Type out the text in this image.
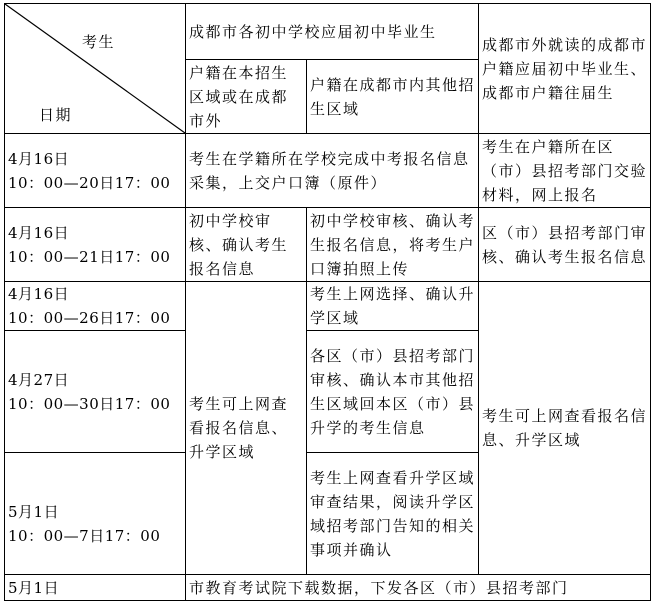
考生
日期	成都市各初中学校应届初中毕业生		成都市外就读的成都市户籍应届初中毕业生、成都市户籍往届生
	户籍在本招生区域或在成都市外	户籍在成都市内其他招生区域	

4月16日
10：00—20日17：00	考生在学籍所在学校完成中考报名信息采集，上交户口簿（原件）		考生在户籍所在区（市）县招考部门交验材料，网上报名

4月16日
10：00—21日17：00	初中学校审核、确认考生报名信息	初中学校审核、确认考生报名信息，将考生户口簿拍照上传	区（市）县招考部门审核、确认考生报名信息

4月16日
10：00—26日17：00	考生可上网查看报名信息、升学区域	考生上网选择、确认升学区域	考生可上网查看报名信息、升学区域

4月27日
10：00—30日17：00		各区（市）县招考部门审核、确认本市其他招生区域回本区（市）县升学的考生信息	

5月1日
10：00—7日17：00		考生上网查看升学区域审查结果，阅读升学区域招考部门告知的相关事项并确认	

5月1日	市教育考试院下载数据，下发各区（市）县招考部门		
